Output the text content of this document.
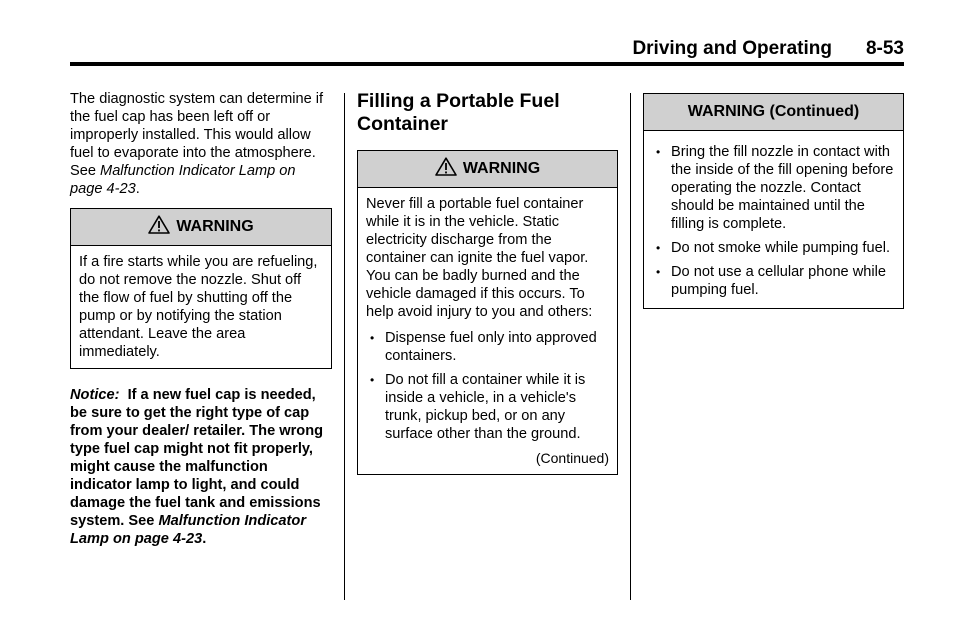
Driving and Operating 8-53

The diagnostic system can determine if the fuel cap has been left off or improperly installed. This would allow fuel to evaporate into the atmosphere. See Malfunction Indicator Lamp on page 4-23.

WARNING
If a fire starts while you are refueling, do not remove the nozzle. Shut off the flow of fuel by shutting off the pump or by notifying the station attendant. Leave the area immediately.

Notice: If a new fuel cap is needed, be sure to get the right type of cap from your dealer/ retailer. The wrong type fuel cap might not fit properly, might cause the malfunction indicator lamp to light, and could damage the fuel tank and emissions system. See Malfunction Indicator Lamp on page 4-23.

Filling a Portable Fuel Container
WARNING

Never fill a portable fuel container while it is in the vehicle. Static electricity discharge from the container can ignite the fuel vapor. You can be badly burned and the vehicle damaged if this occurs. To help avoid injury to you and others:

• Dispense fuel only into approved containers.
• Do not fill a container while it is inside a vehicle, in a vehicle's trunk, pickup bed, or on any surface other than the ground.
(Continued)
WARNING (Continued)
• Bring the fill nozzle in contact with the inside of the fill opening before operating the nozzle. Contact should be maintained until the filling is complete.
• Do not smoke while pumping fuel.
• Do not use a cellular phone while pumping fuel.
